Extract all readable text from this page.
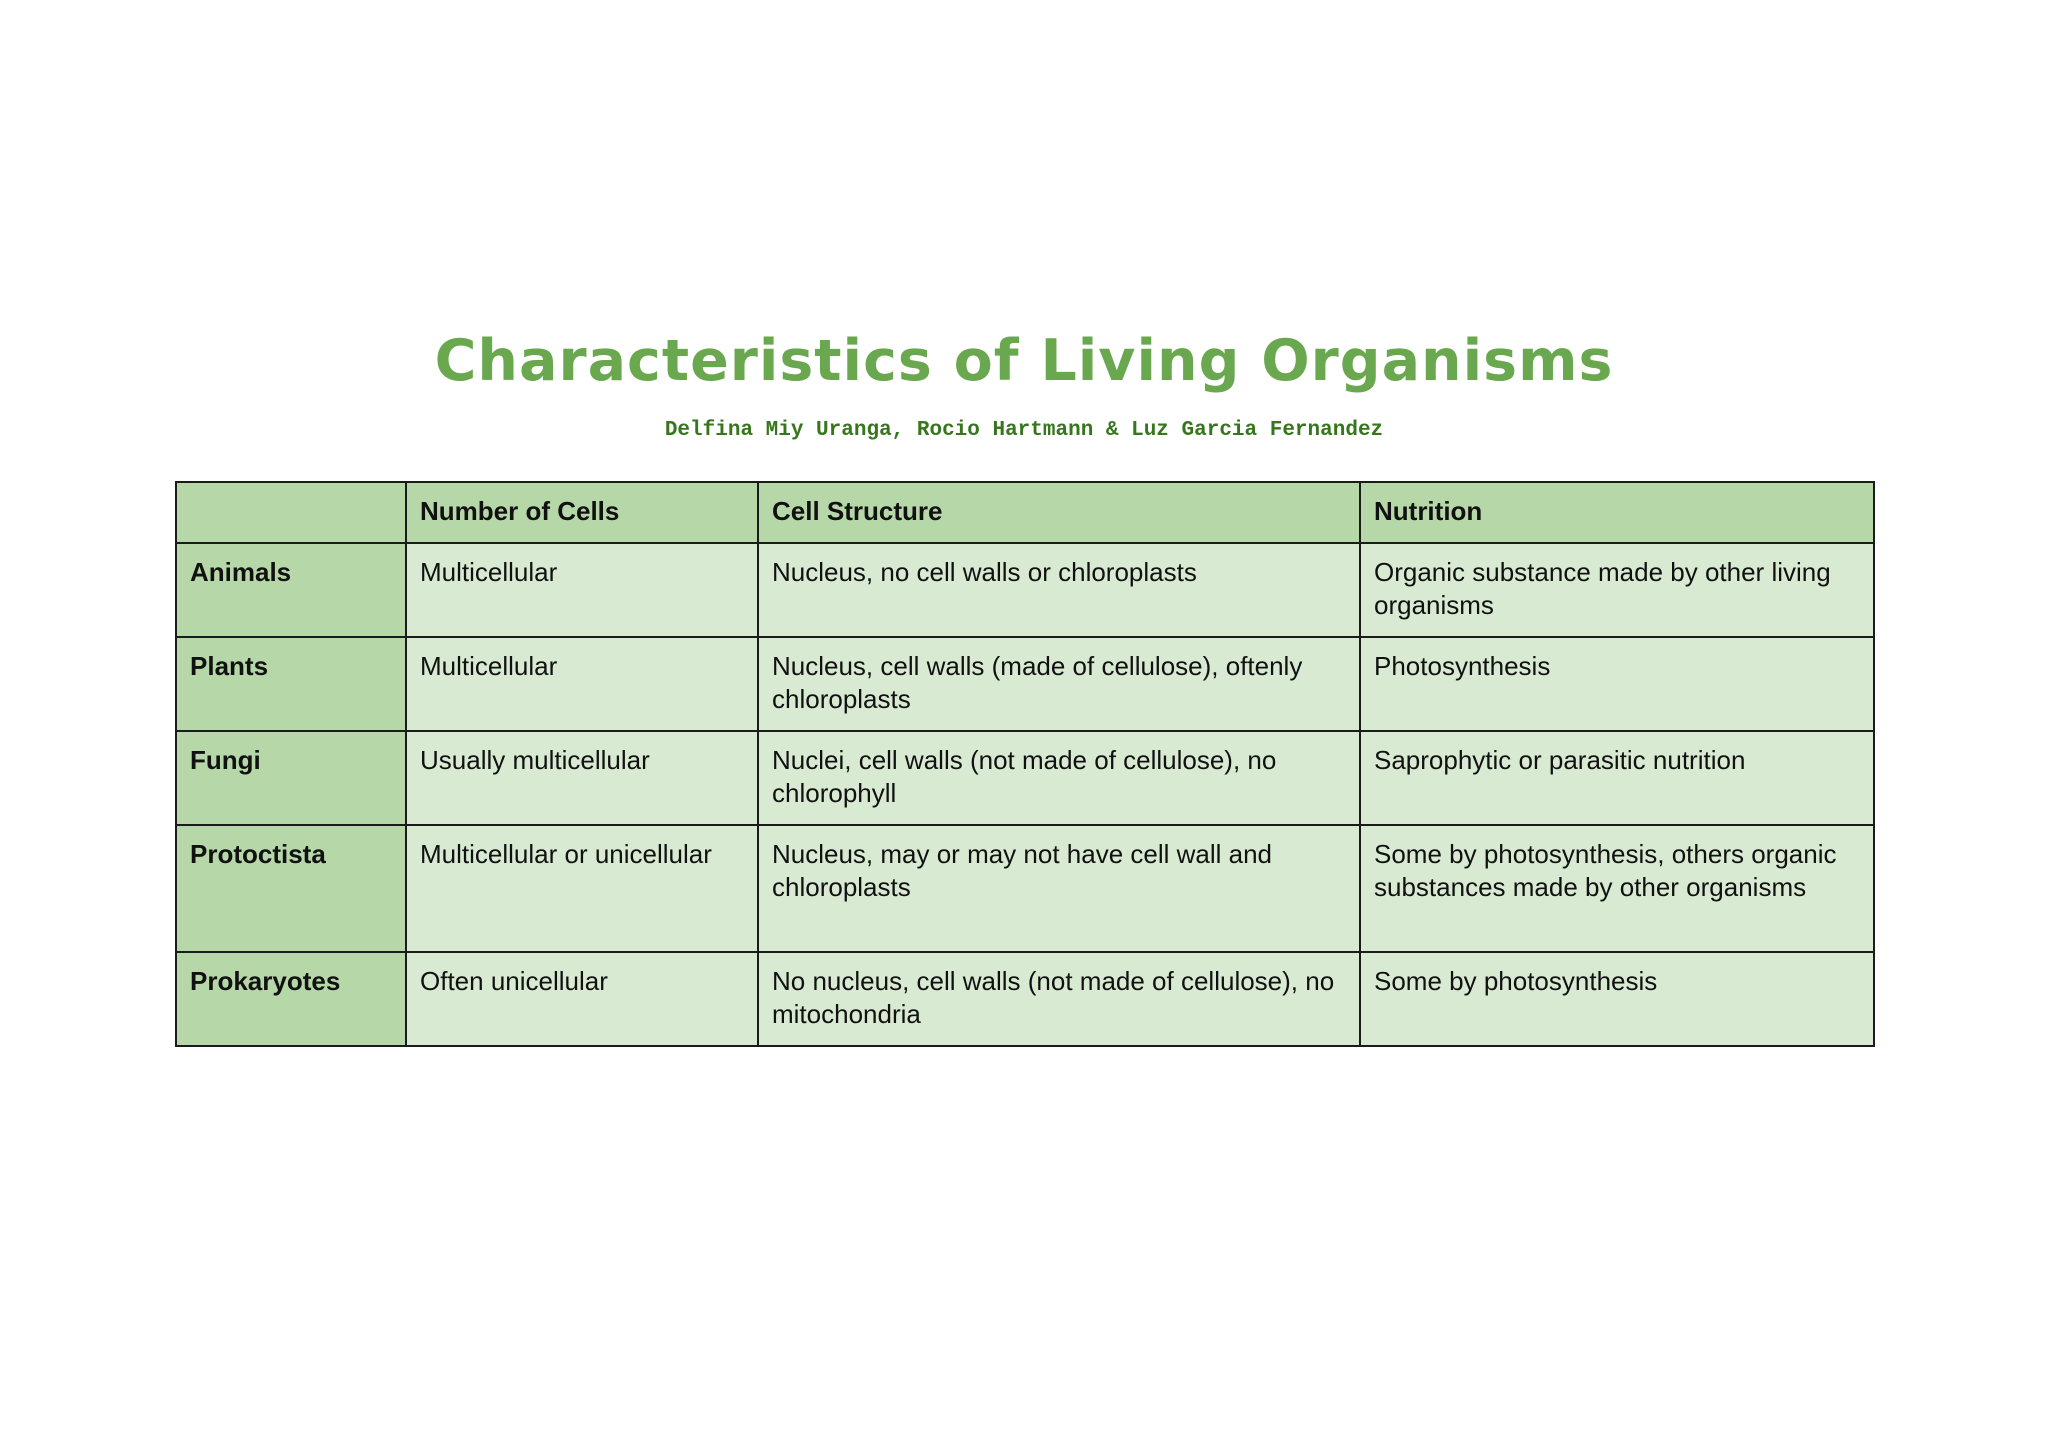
Characteristics of Living Organisms

Delfina Miy Uranga, Rocio Hartmann & Luz Garcia Fernandez

	Number of Cells	Cell Structure	Nutrition
Animals	Multicellular	Nucleus, no cell walls or chloroplasts	Organic substance made by other living organisms
Plants	Multicellular	Nucleus, cell walls (made of cellulose), oftenly chloroplasts	Photosynthesis
Fungi	Usually multicellular	Nuclei, cell walls (not made of cellulose), no chlorophyll	Saprophytic or parasitic nutrition
Protoctista	Multicellular or unicellular	Nucleus, may or may not have cell wall and chloroplasts	Some by photosynthesis, others organic substances made by other organisms
Prokaryotes	Often unicellular	No nucleus, cell walls (not made of cellulose), no mitochondria	Some by photosynthesis
